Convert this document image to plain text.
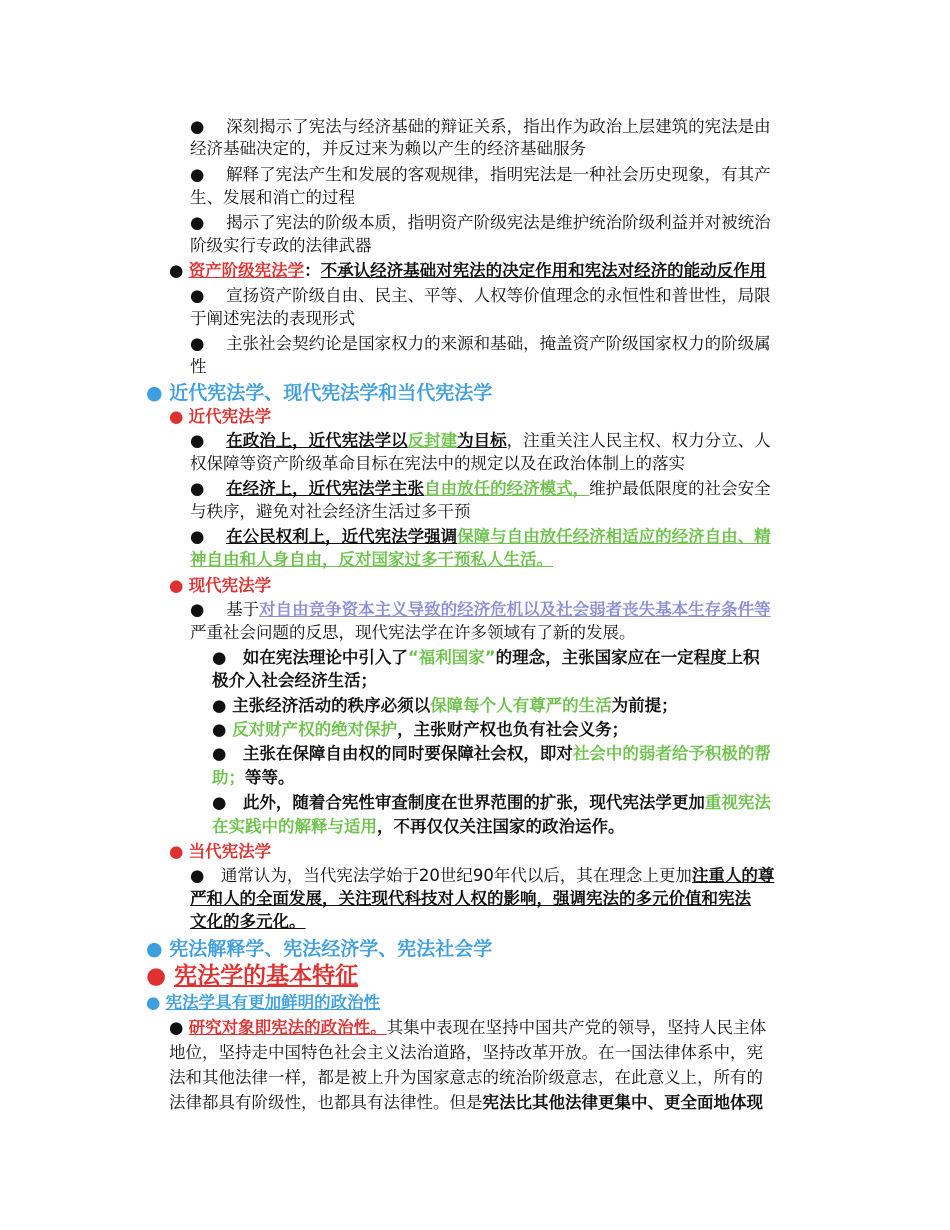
●　 深刻揭示了宪法与经济基础的辩证关系，指出作为政治上层建筑的宪法是由
经济基础决定的，并反过来为赖以产生的经济基础服务
●　 解释了宪法产生和发展的客观规律，指明宪法是一种社会历史现象，有其产
生、发展和消亡的过程
●　 揭示了宪法的阶级本质，指明资产阶级宪法是维护统治阶级利益并对被统治
阶级实行专政的法律武器
● 资产阶级宪法学：不承认经济基础对宪法的决定作用和宪法对经济的能动反作用
●　 宣扬资产阶级自由、民主、平等、人权等价值理念的永恒性和普世性，局限
于阐述宪法的表现形式
●　 主张社会契约论是国家权力的来源和基础，掩盖资产阶级国家权力的阶级属
性
● 近代宪法学、现代宪法学和当代宪法学
● 近代宪法学
●　 在政治上，近代宪法学以反封建为目标，注重关注人民主权、权力分立、人
权保障等资产阶级革命目标在宪法中的规定以及在政治体制上的落实
●　 在经济上，近代宪法学主张自由放任的经济模式，维护最低限度的社会安全
与秩序，避免对社会经济生活过多干预
●　 在公民权利上，近代宪法学强调保障与自由放任经济相适应的经济自由、精
神自由和人身自由，反对国家过多干预私人生活。
● 现代宪法学
●　 基于对自由竞争资本主义导致的经济危机以及社会弱者丧失基本生存条件等
严重社会问题的反思，现代宪法学在许多领域有了新的发展。
●　 如在宪法理论中引入了“福利国家”的理念，主张国家应在一定程度上积
极介入社会经济生活；
● 主张经济活动的秩序必须以保障每个人有尊严的生活为前提；
● 反对财产权的绝对保护，主张财产权也负有社会义务；
●　 主张在保障自由权的同时要保障社会权，即对社会中的弱者给予积极的帮
助；等等。
●　 此外，随着合宪性审查制度在世界范围的扩张，现代宪法学更加重视宪法
在实践中的解释与适用，不再仅仅关注国家的政治运作。
● 当代宪法学
●　通常认为，当代宪法学始于20世纪90年代以后，其在理念上更加注重人的尊
严和人的全面发展，关注现代科技对人权的影响，强调宪法的多元价值和宪法
文化的多元化。
● 宪法解释学、宪法经济学、宪法社会学
● 宪法学的基本特征
● 宪法学具有更加鲜明的政治性
● 研究对象即宪法的政治性。其集中表现在坚持中国共产党的领导，坚持人民主体
地位，坚持走中国特色社会主义法治道路，坚持改革开放。在一国法律体系中，宪
法和其他法律一样，都是被上升为国家意志的统治阶级意志，在此意义上，所有的
法律都具有阶级性，也都具有法律性。但是宪法比其他法律更集中、更全面地体现
